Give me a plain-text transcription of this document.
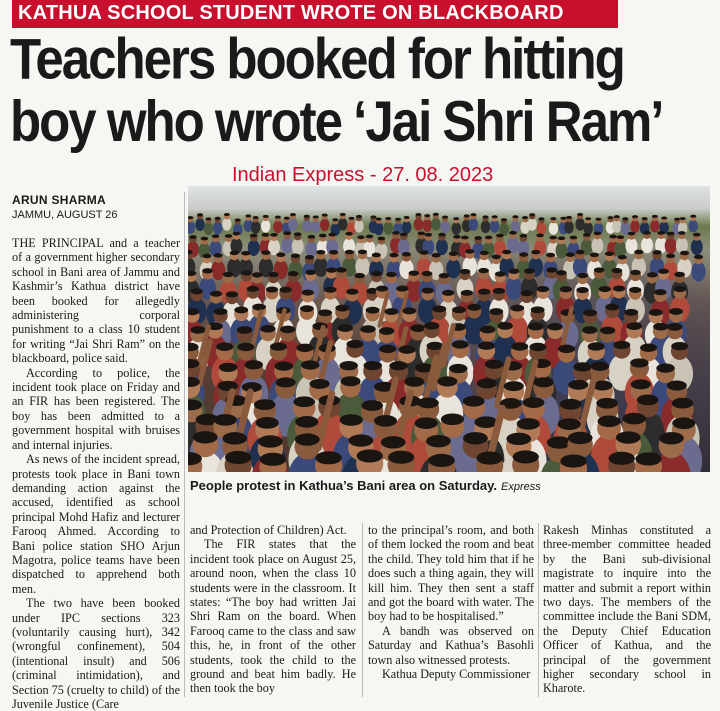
KATHUA SCHOOL STUDENT WROTE ON BLACKBOARD
Teachers booked for hitting
boy who wrote ‘Jai Shri Ram’
Indian Express - 27. 08. 2023
ARUN SHARMA
JAMMU, AUGUST 26
People protest in Kathua’s Bani area on Saturday. Express

THE PRINCIPAL and a teacher of a government higher secondary school in Bani area of Jammu and Kashmir’s Kathua district have been booked for allegedly administering corporal punishment to a class 10 student for writing “Jai Shri Ram” on the blackboard, police said.

According to police, the incident took place on Friday and an FIR has been registered. The boy has been admitted to a government hospital with bruises and internal injuries.

As news of the incident spread, protests took place in Bani town demanding action against the accused, identified as school principal Mohd Hafiz and lecturer Farooq Ahmed. According to Bani police station SHO Arjun Magotra, police teams have been dispatched to apprehend both men.

The two have been booked under IPC sections 323 (voluntarily causing hurt), 342 (wrongful confinement), 504 (intentional insult) and 506 (criminal intimidation), and Section 75 (cruelty to child) of the Juvenile Justice (Care

and Protection of Children) Act.

The FIR states that the incident took place on August 25, around noon, when the class 10 students were in the classroom. It states: “The boy had written Jai Shri Ram on the board. When Farooq came to the class and saw this, he, in front of the other students, took the child to the ground and beat him badly. He then took the boy

to the principal’s room, and both of them locked the room and beat the child. They told him that if he does such a thing again, they will kill him. They then sent a staff and got the board with water. The boy had to be hospitalised.”

A bandh was observed on Saturday and Kathua’s Basohli town also witnessed protests.

Kathua Deputy Commissioner

Rakesh Minhas constituted a three-member committee headed by the Bani sub-divisional magistrate to inquire into the matter and submit a report within two days. The members of the committee include the Bani SDM, the Deputy Chief Education Officer of Kathua, and the principal of the government higher secondary school in Kharote.
